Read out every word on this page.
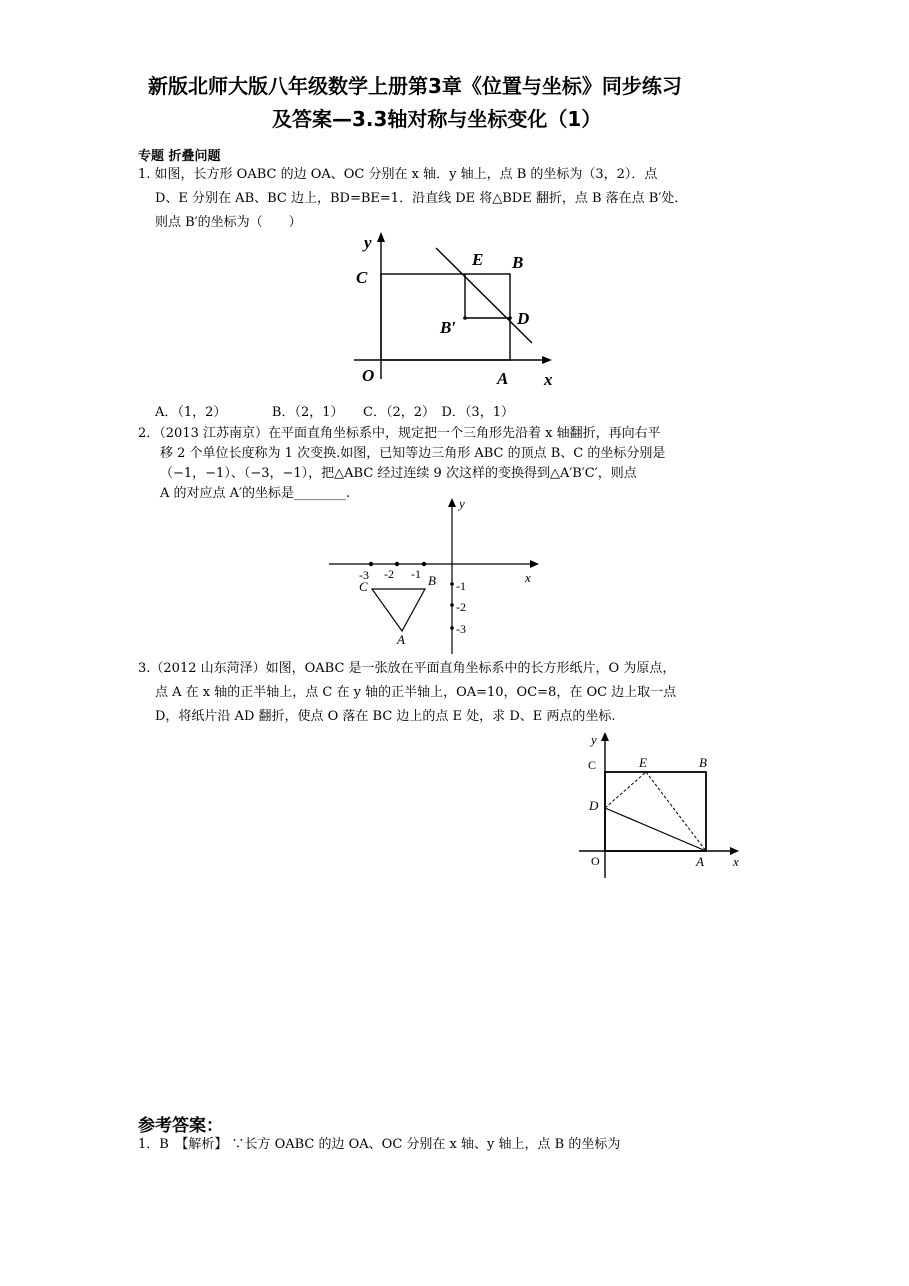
新版北师大版八年级数学上册第3章《位置与坐标》同步练习
及答案—3.3轴对称与坐标变化（1）
专题 折叠问题
1. 如图，长方形 OABC 的边 OA、OC 分别在 x 轴．y 轴上，点 B 的坐标为（3，2）．点
D、E 分别在 AB、BC 边上，BD=BE=1．沿直线 DE 将△BDE 翻折，点 B 落在点 B′处．
则点 B′的坐标为（　　）
y
C
E B
D
B′
O	A x
A．（1，2）　　　　B．（2，1）　　C．（2，2）　D．（3，1）
2．（2013 江苏南京）在平面直角坐标系中，规定把一个三角形先沿着 x 轴翻折，再向右平
移 2 个单位长度称为 1 次变换.如图，已知等边三角形 ABC 的顶点 B、C 的坐标分别是
（−1，−1）、（−3，−1），把△ABC 经过连续 9 次这样的变换得到△A′B′C′，则点
A 的对应点 A′的坐标是________.
y
x
-3 -2 -1
C	B
A
-1
-2
-3
3.（2012 山东菏泽）如图，OABC 是一张放在平面直角坐标系中的长方形纸片，O 为原点，
点 A 在 x 轴的正半轴上，点 C 在 y 轴的正半轴上，OA=10，OC=8，在 OC 边上取一点
D，将纸片沿 AD 翻折，使点 O 落在 BC 边上的点 E 处，求 D、E 两点的坐标.
y
C	E	B
D
O	A x
参考答案：
1．B　【解析】 ∵长方 OABC 的边 OA、OC 分别在 x 轴、y 轴上，点 B 的坐标为
